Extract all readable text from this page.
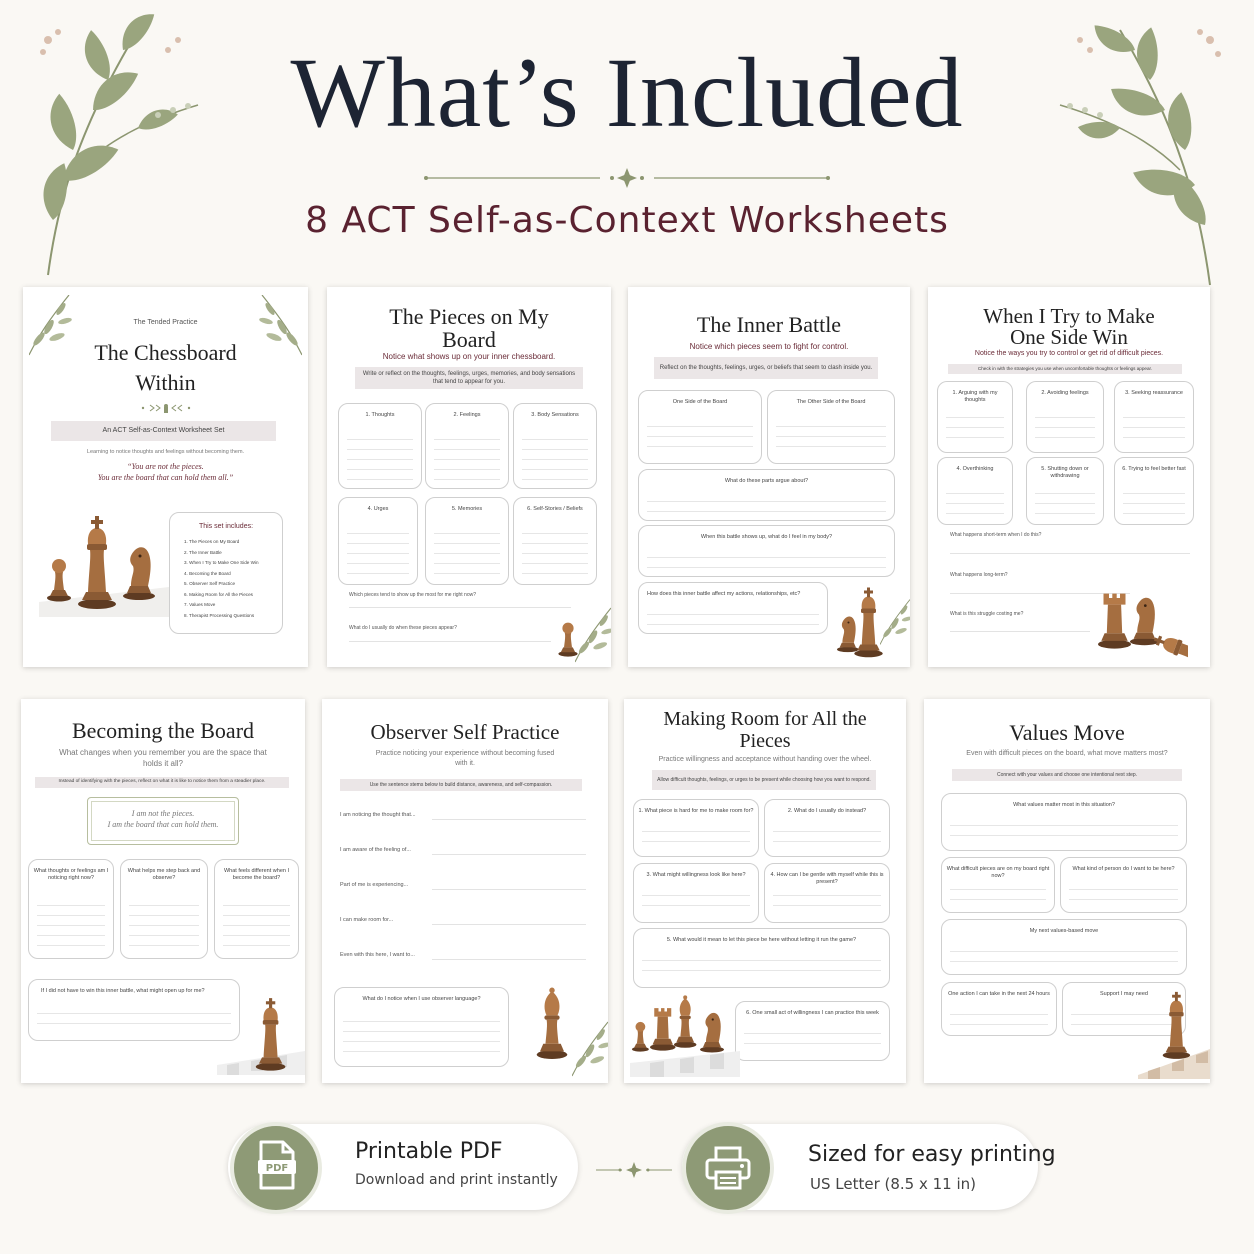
What’s Included
8 ACT Self-as-Context Worksheets
The Tended Practice
The Chessboard
Within
An ACT Self-as-Context Worksheet Set
Learning to notice thoughts and feelings without becoming them.
“You are not the pieces.
You are the board that can hold them all.”
This set includes:
1. The Pieces on My Board
2. The Inner Battle
3. When I Try to Make One Side Win
4. Becoming the Board
5. Observer Self Practice
6. Making Room for All the Pieces
7. Values Move
8. Therapist Processing Questions
The Pieces on My
Board
Notice what shows up on your inner chessboard.
Write or reflect on the thoughts, feelings, urges, memories, and body sensations that tend to appear for you.
1. Thoughts	2. Feelings	3. Body Sensations
4. Urges	5. Memories	6. Self-Stories / Beliefs
Which pieces tend to show up the most for me right now?
What do I usually do when these pieces appear?
The Inner Battle
Notice which pieces seem to fight for control.
Reflect on the thoughts, feelings, urges, or beliefs that seem to clash inside you.
One Side of the Board	The Other Side of the Board
What do these parts argue about?
When this battle shows up, what do I feel in my body?
How does this inner battle affect my actions, relationships, etc?
When I Try to Make
One Side Win
Notice the ways you try to control or get rid of difficult pieces.
Check in with the strategies you use when uncomfortable thoughts or feelings appear.
1. Arguing with my thoughts
2. Avoiding feelings	3. Seeking reassurance
4. Overthinking	5. Shutting down or withdrawing
6. Trying to feel better fast
What happens short-term when I do this?
What happens long-term?
What is this struggle costing me?
Becoming the Board
What changes when you remember you are the space that holds it all?
Instead of identifying with the pieces, reflect on what it is like to notice them from a steadier place.
I am not the pieces.
I am the board that can hold them.
What thoughts or feelings am I noticing right now?
What helps me step back and observe?
What feels different when I become the board?
If I did not have to win this inner battle, what might open up for me?
Observer Self Practice
Practice noticing your experience without becoming fused with it.
Use the sentence stems below to build distance, awareness, and self-compassion.
I am noticing the thought that...
I am aware of the feeling of...
Part of me is experiencing...
I can make room for...
Even with this here, I want to...
What do I notice when I use observer language?
Making Room for All the
Pieces
Practice willingness and acceptance without handing over the wheel.
Allow difficult thoughts, feelings, or urges to be present while choosing how you want to respond.
1. What piece is hard for me to make room for?	2. What do I usually do instead?
3. What might willingness look like here?	4. How can I be gentle with myself while this is present?
5. What would it mean to let this piece be here without letting it run the game?
6. One small act of willingness I can practice this week
Values Move
Even with difficult pieces on the board, what move matters most?
Connect with your values and choose one intentional next step.
What values matter most in this situation?
What difficult pieces are on my board right now?
What kind of person do I want to be here?
My next values-based move
One action I can take in the next 24 hours	Support I may need
PDF
Printable PDF
Download and print instantly
Sized for easy printing
US Letter (8.5 x 11 in)
